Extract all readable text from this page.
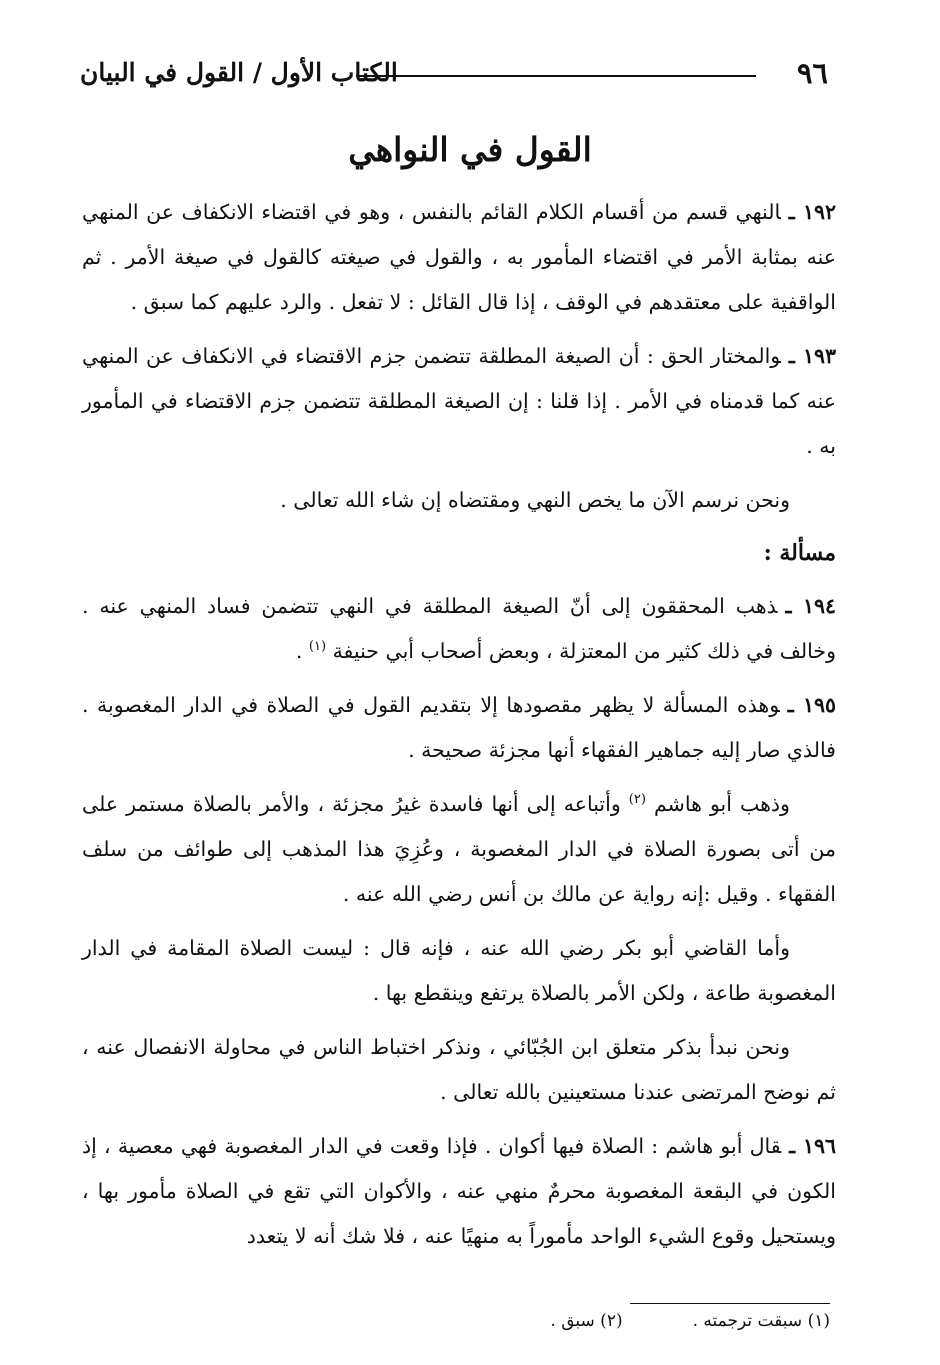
٩٦
الكتاب الأول / القول في البيان
القول في النواهي

١٩٢ ـالنهي قسم من أقسام الكلام القائم بالنفس ، وهو في اقتضاء الانكفاف عن المنهي عنه بمثابة الأمر في اقتضاء المأمور به ، والقول في صيغته كالقول في صيغة الأمر . ثم الواقفية على معتقدهم في الوقف ، إذا قال القائل : لا تفعل . والرد عليهم كما سبق .

١٩٣ ـوالمختار الحق : أن الصيغة المطلقة تتضمن جزم الاقتضاء في الانكفاف عن المنهي عنه كما قدمناه في الأمر . إذا قلنا : إن الصيغة المطلقة تتضمن جزم الاقتضاء في المأمور به .

ونحن نرسم الآن ما يخص النهي ومقتضاه إن شاء الله تعالى .

مسألة :

١٩٤ ـذهب المحققون إلى أنّ الصيغة المطلقة في النهي تتضمن فساد المنهي عنه . وخالف في ذلك كثير من المعتزلة ، وبعض أصحاب أبي حنيفة $^{(١)}$ .

١٩٥ ـوهذه المسألة لا يظهر مقصودها إلا بتقديم القول في الصلاة في الدار المغصوبة . فالذي صار إليه جماهير الفقهاء أنها مجزئة صحيحة .

وذهب أبو هاشم $^{(٢)}$ وأتباعه إلى أنها فاسدة غيرُ مجزئة ، والأمر بالصلاة مستمر على من أتى بصورة الصلاة في الدار المغصوبة ، وعُزِيَ هذا المذهب إلى طوائف من سلف الفقهاء . وقيل :إنه رواية عن مالك بن أنس رضي الله عنه .

وأما القاضي أبو بكر رضي الله عنه ، فإنه قال : ليست الصلاة المقامة في الدار المغصوبة طاعة ، ولكن الأمر بالصلاة يرتفع وينقطع بها .

ونحن نبدأ بذكر متعلق ابن الجُبّائي ، ونذكر اختباط الناس في محاولة الانفصال عنه ، ثم نوضح المرتضى عندنا مستعينين بالله تعالى .

١٩٦ ـقال أبو هاشم : الصلاة فيها أكوان . فإذا وقعت في الدار المغصوبة فهي معصية ، إذ الكون في البقعة المغصوبة محرمٌ منهي عنه ، والأكوان التي تقع في الصلاة مأمور بها ، ويستحيل وقوع الشيء الواحد مأموراً به منهيًا عنه ، فلا شك أنه لا يتعدد

(١) سبقت ترجمته .
(٢) سبق .
